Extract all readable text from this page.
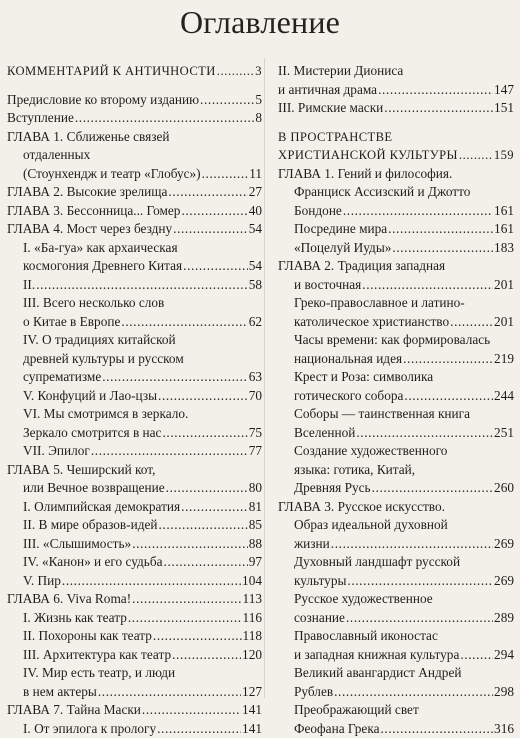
Оглавление
КОММЕНТАРИЙ К АНТИЧНОСТИ .....	3
Предисловие ко второму изданию .....	5
Вступление .....	8
ГЛАВА 1. Сближенье связей
отдаленных
(Стоунхендж и театр «Глобус») .....	11
ГЛАВА 2. Высокие зрелища .....	27
ГЛАВА 3. Бессонница... Гомер .....	40
ГЛАВА 4. Мост через бездну .....	54
I. «Ба-гуа» как архаическая
космогония Древнего Китая .....	54
II. .....	58
III. Всего несколько слов
о Китае в Европе .....	62
IV. О традициях китайской
древней культуры и русском
супрематизме .....	63
V. Конфуций и Лао-цзы .....	70
VI. Мы смотримся в зеркало.
Зеркало смотрится в нас .....	75
VII. Эпилог .....	77
ГЛАВА 5. Чеширский кот,
или Вечное возвращение .....	80
I. Олимпийская демократия .....	81
II. В мире образов-идей .....	85
III. «Слышимость» .....	88
IV. «Канон» и его судьба .....	97
V. Пир .....	104
ГЛАВА 6. Viva Roma! .....	113
I. Жизнь как театр .....	116
II. Похороны как театр .....	118
III. Архитектура как театр .....	120
IV. Мир есть театр, и люди
в нем актеры .....	127
ГЛАВА 7. Тайна Маски .....	141
I. От эпилога к прологу .....	141
II. Мистерии Диониса
и античная драма .....	147
III. Римские маски .....	151
В ПРОСТРАНСТВЕ
ХРИСТИАНСКОЙ КУЛЬТУРЫ .....	159
ГЛАВА 1. Гений и философия.
Франциск Ассизский и Джотто
Бондоне .....	161
Посредине мира .....	161
«Поцелуй Иуды» .....	183
ГЛАВА 2. Традиция западная
и восточная .....	201
Греко-православное и латино-
католическое христианство .....	201
Часы времени: как формировалась
национальная идея .....	219
Крест и Роза: символика
готического собора .....	244
Соборы — таинственная книга
Вселенной .....	251
Создание художественного
языка: готика, Китай,
Древняя Русь .....	260
ГЛАВА 3. Русское искусство.
Образ идеальной духовной
жизни .....	269
Духовный ландшафт русской
культуры .....	269
Русское художественное
сознание .....	289
Православный иконостас
и западная книжная культура .....	294
Великий авангардист Андрей
Рублев .....	298
Преображающий свет
Феофана Грека .....	316
